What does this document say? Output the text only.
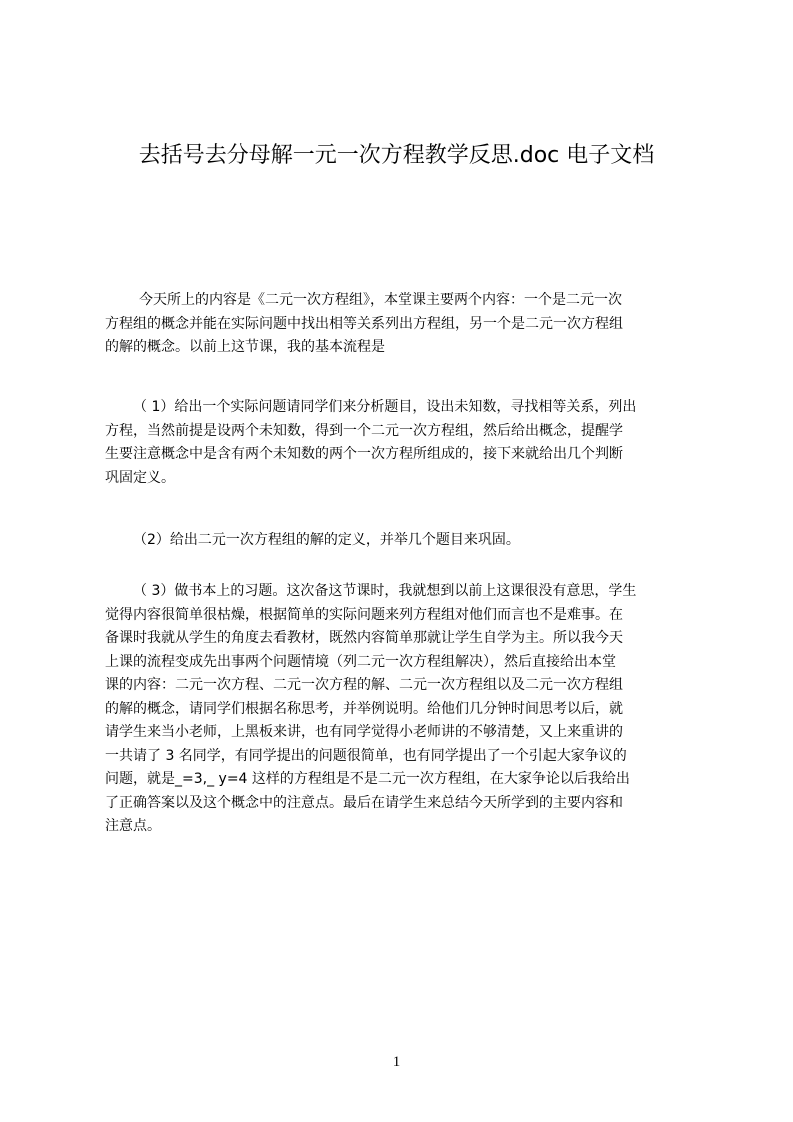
去括号去分母解一元一次方程教学反思.doc 电子文档
今天所上的内容是《二元一次方程组》，本堂课主要两个内容：一个是二元一次
方程组的概念并能在实际问题中找出相等关系列出方程组，另一个是二元一次方程组
的解的概念。以前上这节课，我的基本流程是
（ 1）给出一个实际问题请同学们来分析题目，设出未知数，寻找相等关系，列出
方程，当然前提是设两个未知数，得到一个二元一次方程组，然后给出概念，提醒学
生要注意概念中是含有两个未知数的两个一次方程所组成的，接下来就给出几个判断
巩固定义。
（2）给出二元一次方程组的解的定义，并举几个题目来巩固。
（ 3）做书本上的习题。这次备这节课时，我就想到以前上这课很没有意思，学生
觉得内容很简单很枯燥，根据简单的实际问题来列方程组对他们而言也不是难事。在
备课时我就从学生的角度去看教材，既然内容简单那就让学生自学为主。所以我今天
上课的流程变成先出事两个问题情境（列二元一次方程组解决），然后直接给出本堂
课的内容：二元一次方程、二元一次方程的解、二元一次方程组以及二元一次方程组
的解的概念，请同学们根据名称思考，并举例说明。给他们几分钟时间思考以后，就
请学生来当小老师，上黑板来讲，也有同学觉得小老师讲的不够清楚，又上来重讲的
一共请了 3 名同学，有同学提出的问题很简单，也有同学提出了一个引起大家争议的
问题，就是_=3,_ y=4 这样的方程组是不是二元一次方程组，在大家争论以后我给出
了正确答案以及这个概念中的注意点。最后在请学生来总结今天所学到的主要内容和
注意点。
1
